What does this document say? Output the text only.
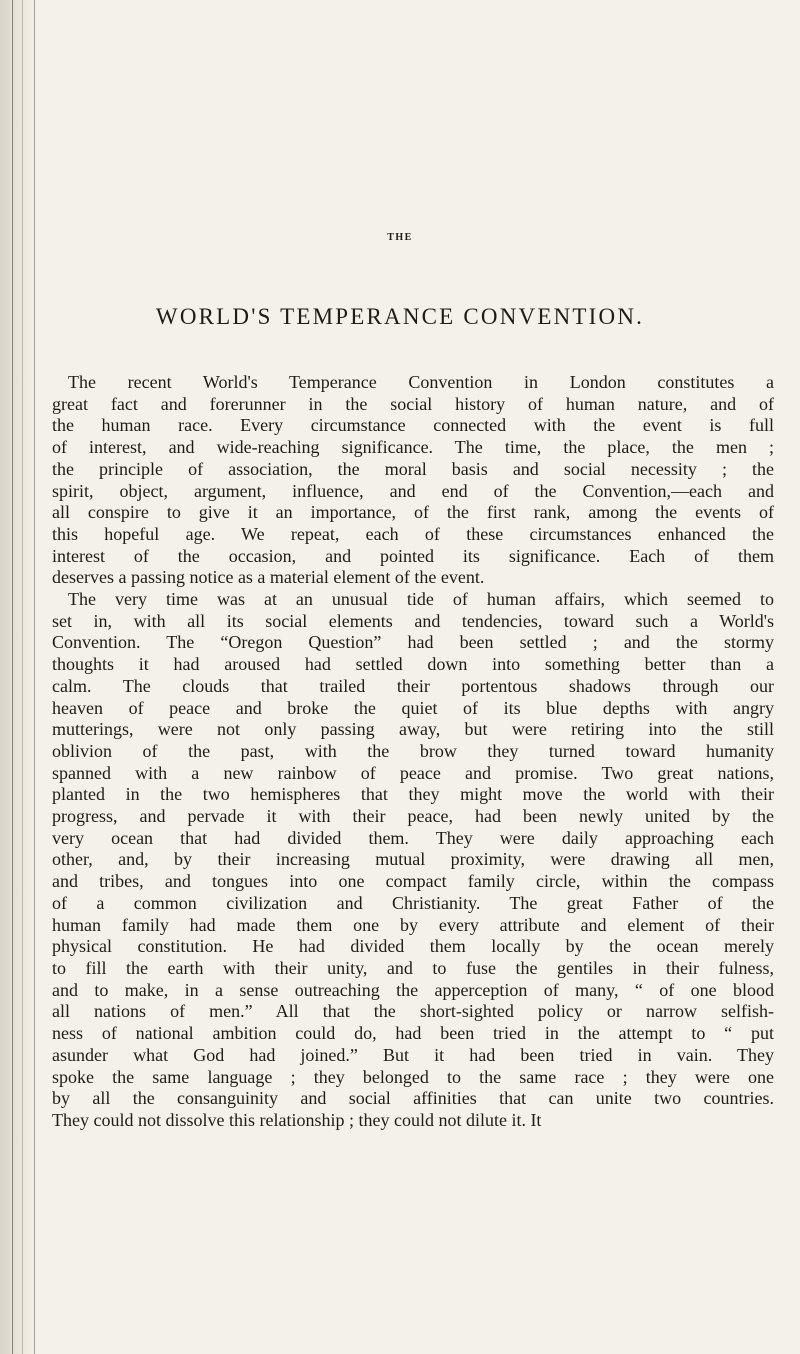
THE
WORLD'S TEMPERANCE CONVENTION.
The recent World's Temperance Convention in London constitutes a
great fact and forerunner in the social history of human nature, and of
the human race. Every circumstance connected with the event is full
of interest, and wide-reaching significance. The time, the place, the men ;
the principle of association, the moral basis and social necessity ; the
spirit, object, argument, influence, and end of the Convention,—each and
all conspire to give it an importance, of the first rank, among the events of
this hopeful age. We repeat, each of these circumstances enhanced the
interest of the occasion, and pointed its significance. Each of them
deserves a passing notice as a material element of the event.
The very time was at an unusual tide of human affairs, which seemed to
set in, with all its social elements and tendencies, toward such a World's
Convention. The “Oregon Question” had been settled ; and the stormy
thoughts it had aroused had settled down into something better than a
calm. The clouds that trailed their portentous shadows through our
heaven of peace and broke the quiet of its blue depths with angry
mutterings, were not only passing away, but were retiring into the still
oblivion of the past, with the brow they turned toward humanity
spanned with a new rainbow of peace and promise. Two great nations,
planted in the two hemispheres that they might move the world with their
progress, and pervade it with their peace, had been newly united by the
very ocean that had divided them. They were daily approaching each
other, and, by their increasing mutual proximity, were drawing all men,
and tribes, and tongues into one compact family circle, within the compass
of a common civilization and Christianity. The great Father of the
human family had made them one by every attribute and element of their
physical constitution. He had divided them locally by the ocean merely
to fill the earth with their unity, and to fuse the gentiles in their fulness,
and to make, in a sense outreaching the apperception of many, “ of one blood
all nations of men.” All that the short-sighted policy or narrow selfish-
ness of national ambition could do, had been tried in the attempt to “ put
asunder what God had joined.” But it had been tried in vain. They
spoke the same language ; they belonged to the same race ; they were one
by all the consanguinity and social affinities that can unite two countries.
They could not dissolve this relationship ; they could not dilute it. It
